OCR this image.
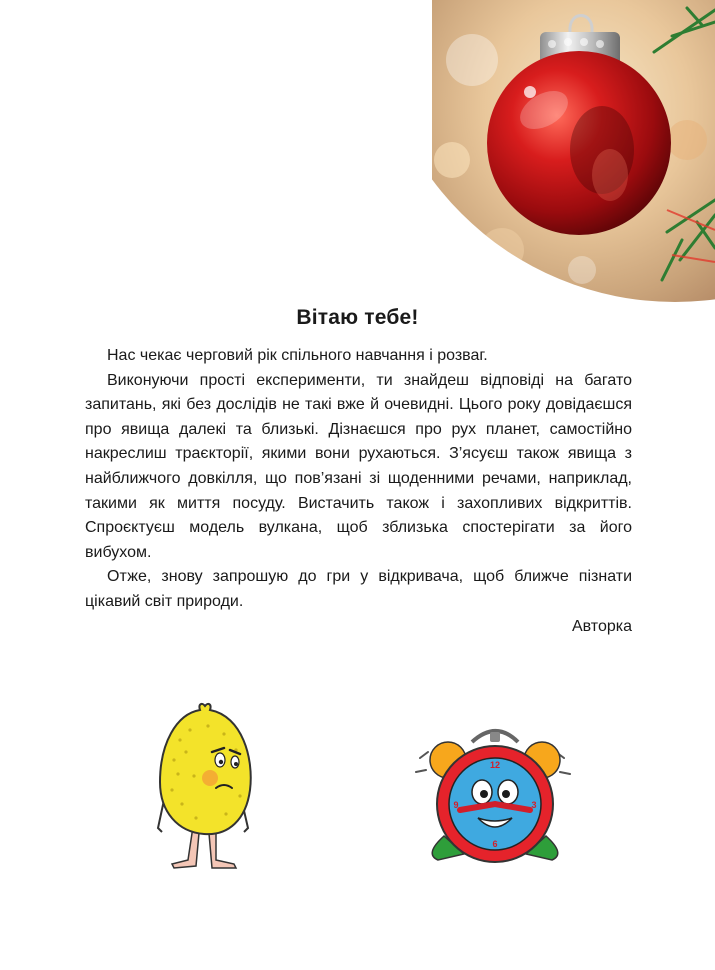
Вітаю тебе!

Нас чекає черговий рік спільного навчання і розваг.

Виконуючи прості експерименти, ти знайдеш відповіді на багато запитань, які без дослідів не такі вже й очевидні. Цього року довідаєшся про явища далекі та близькі. Дізнаєшся про рух планет, самостійно накреслиш траєкторії, якими вони рухаються. З’ясуєш також явища з найближчого довкілля, що пов’язані зі щоденними речами, наприклад, такими як миття посуду. Вистачить також і захопливих відкриттів. Спроєктуєш модель вулкана, щоб зблизька спостерігати за його вибухом.

Отже, знову запрошую до гри у відкривача, щоб ближче пізнати цікавий світ природи.

Авторка

12
3
6
9
